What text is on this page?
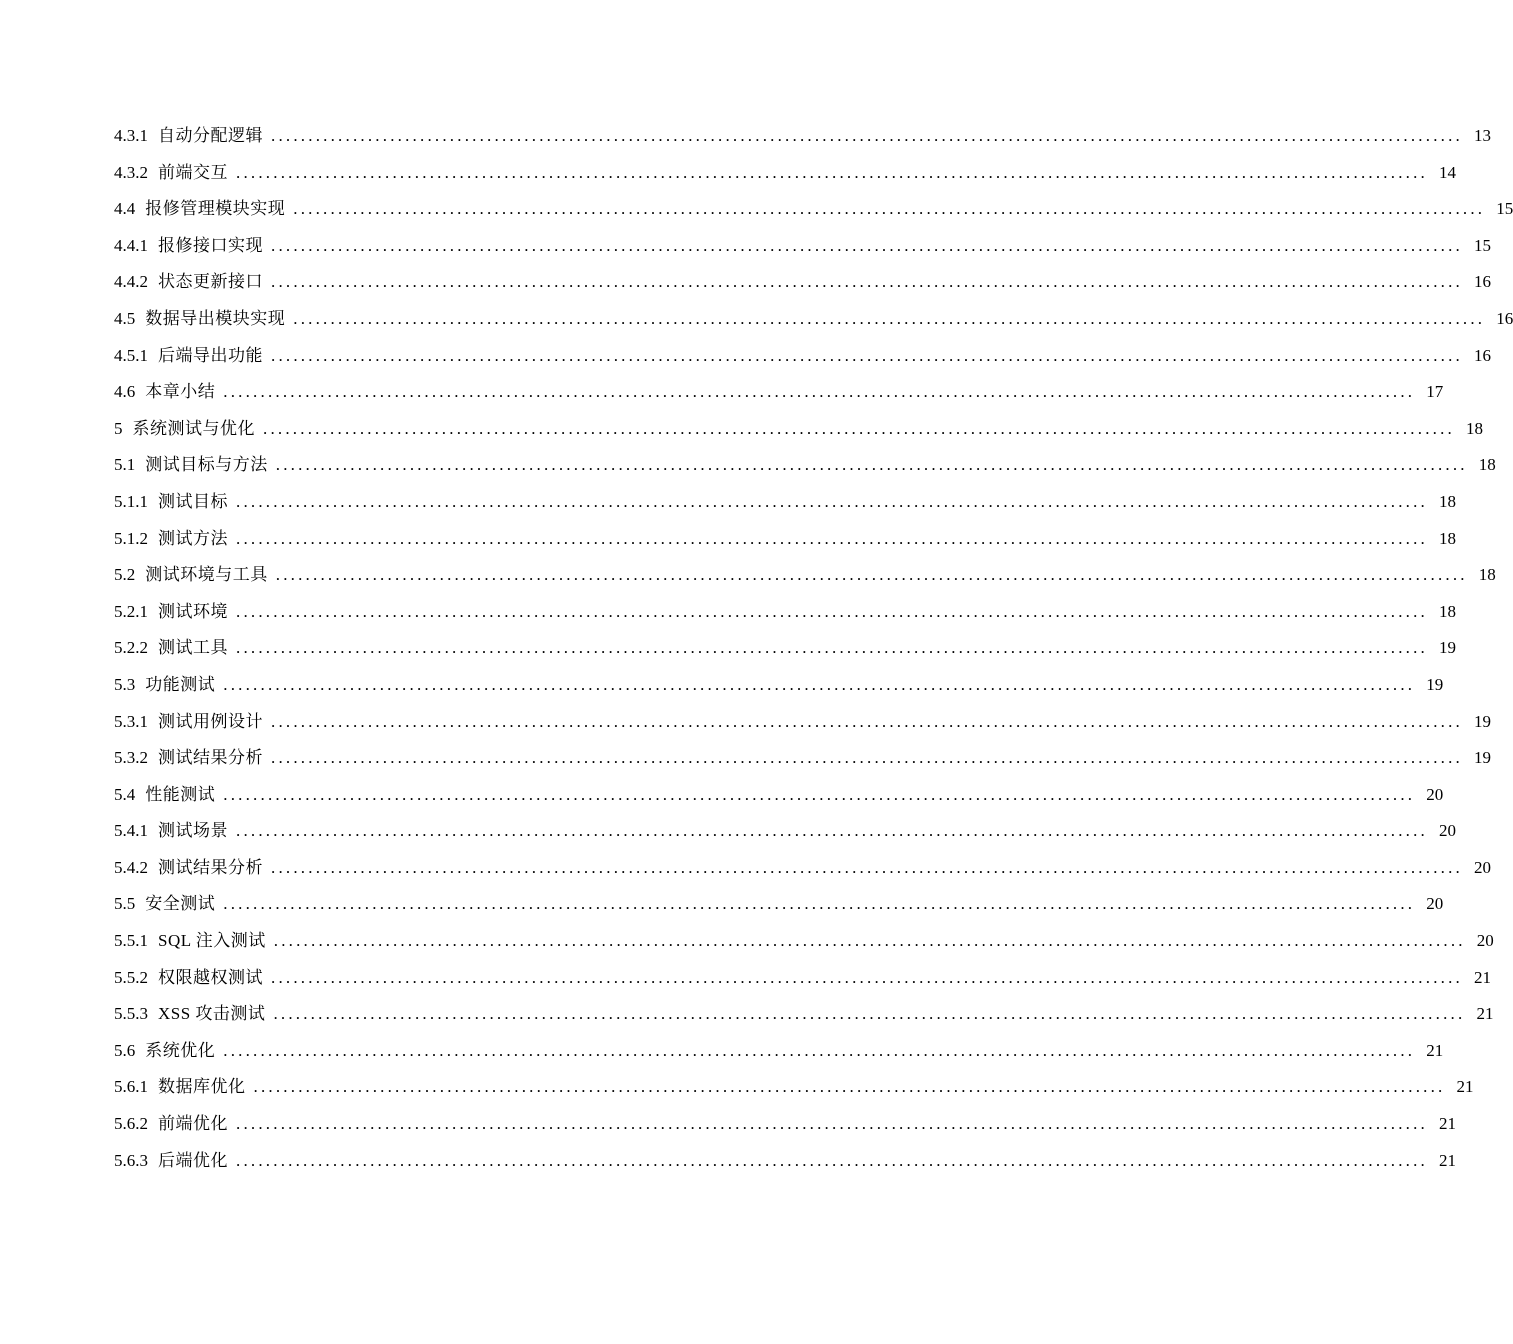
4.3.1 自动分配逻辑 ................................................................................................................................................................ 13
4.3.2 前端交互 ................................................................................................................................................................ 14
4.4 报修管理模块实现 ................................................................................................................................................................ 15
4.4.1 报修接口实现 ................................................................................................................................................................ 15
4.4.2 状态更新接口 ................................................................................................................................................................ 16
4.5 数据导出模块实现 ................................................................................................................................................................ 16
4.5.1 后端导出功能 ................................................................................................................................................................ 16
4.6 本章小结 ................................................................................................................................................................ 17
5 系统测试与优化 ................................................................................................................................................................ 18
5.1 测试目标与方法 ................................................................................................................................................................ 18
5.1.1 测试目标 ................................................................................................................................................................ 18
5.1.2 测试方法 ................................................................................................................................................................ 18
5.2 测试环境与工具 ................................................................................................................................................................ 18
5.2.1 测试环境 ................................................................................................................................................................ 18
5.2.2 测试工具 ................................................................................................................................................................ 19
5.3 功能测试 ................................................................................................................................................................ 19
5.3.1 测试用例设计 ................................................................................................................................................................ 19
5.3.2 测试结果分析 ................................................................................................................................................................ 19
5.4 性能测试 ................................................................................................................................................................ 20
5.4.1 测试场景 ................................................................................................................................................................ 20
5.4.2 测试结果分析 ................................................................................................................................................................ 20
5.5 安全测试 ................................................................................................................................................................ 20
5.5.1 SQL 注入测试 ................................................................................................................................................................ 20
5.5.2 权限越权测试 ................................................................................................................................................................ 21
5.5.3 XSS 攻击测试 ................................................................................................................................................................ 21
5.6 系统优化 ................................................................................................................................................................ 21
5.6.1 数据库优化 ................................................................................................................................................................ 21
5.6.2 前端优化 ................................................................................................................................................................ 21
5.6.3 后端优化 ................................................................................................................................................................ 21
